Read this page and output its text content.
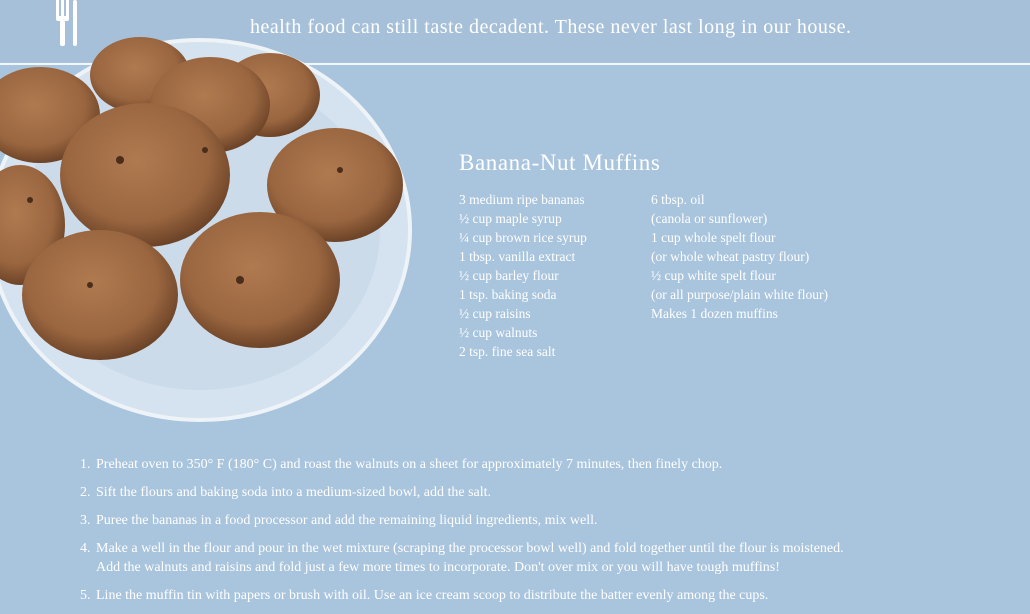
health food can still taste decadent. These never last long in our house.
Banana-Nut Muffins
3 medium ripe bananas
½ cup maple syrup
¼ cup brown rice syrup
1 tbsp. vanilla extract
½ cup barley flour
1 tsp. baking soda
½ cup raisins
½ cup walnuts
2 tsp. fine sea salt
6 tbsp. oil
(canola or sunflower)
1 cup whole spelt flour
(or whole wheat pastry flour)
½ cup white spelt flour
(or all purpose/plain white flour)
Makes 1 dozen muffins
1. Preheat oven to 350° F (180° C) and roast the walnuts on a sheet for approximately 7 minutes, then finely chop.
2. Sift the flours and baking soda into a medium-sized bowl, add the salt.
3. Puree the bananas in a food processor and add the remaining liquid ingredients, mix well.
4. Make a well in the flour and pour in the wet mixture (scraping the processor bowl well) and fold together until the flour is moistened.
Add the walnuts and raisins and fold just a few more times to incorporate. Don't over mix or you will have tough muffins!
5. Line the muffin tin with papers or brush with oil. Use an ice cream scoop to distribute the batter evenly among the cups.
